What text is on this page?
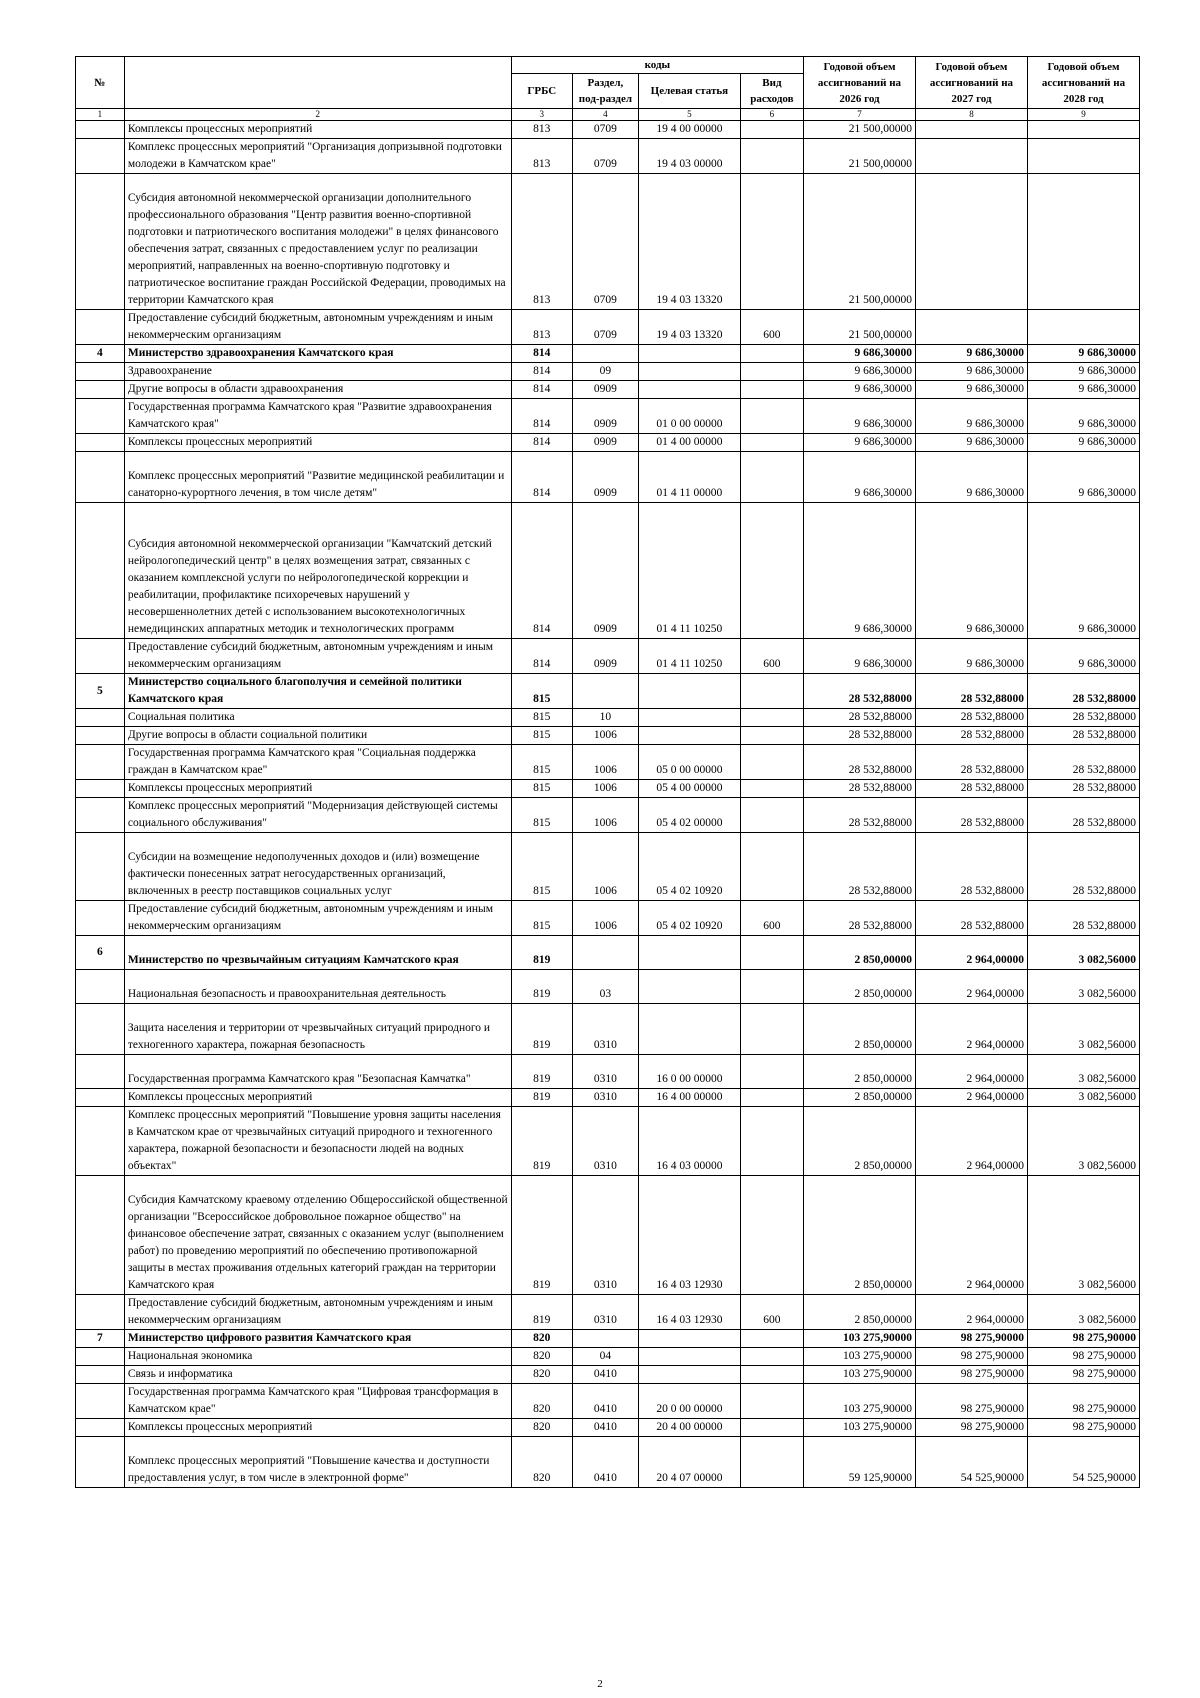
№		коды				Годовой объем ассигнований на 2026 год	Годовой объем ассигнований на 2027 год	Годовой объем ассигнований на 2028 год
		ГРБС	Раздел, под-раздел	Целевая статья	Вид расходов			
1	2	3	4	5	6	7	8	9
	Комплексы процессных мероприятий	813	0709	19 4 00 00000		21 500,00000		
	Комплекс процессных мероприятий "Организация допризывной подготовки молодежи в Камчатском крае"	813	0709	19 4 03 00000		21 500,00000		
	Субсидия автономной некоммерческой организации дополнительного профессионального образования "Центр развития военно-спортивной подготовки и патриотического воспитания молодежи" в целях финансового обеспечения затрат, связанных с предоставлением услуг по реализации мероприятий, направленных на военно-спортивную подготовку и патриотическое воспитание граждан Российской Федерации, проводимых на территории Камчатского края	813	0709	19 4 03 13320		21 500,00000		
	Предоставление субсидий бюджетным, автономным учреждениям и иным некоммерческим организациям	813	0709	19 4 03 13320	600	21 500,00000		
4	Министерство здравоохранения Камчатского края	814				9 686,30000	9 686,30000	9 686,30000
	Здравоохранение	814	09			9 686,30000	9 686,30000	9 686,30000
	Другие вопросы в области здравоохранения	814	0909			9 686,30000	9 686,30000	9 686,30000
	Государственная программа Камчатского края "Развитие здравоохранения Камчатского края"	814	0909	01 0 00 00000		9 686,30000	9 686,30000	9 686,30000
	Комплексы процессных мероприятий	814	0909	01 4 00 00000		9 686,30000	9 686,30000	9 686,30000
	Комплекс процессных мероприятий "Развитие медицинской реабилитации и санаторно-курортного лечения, в том числе детям"	814	0909	01 4 11 00000		9 686,30000	9 686,30000	9 686,30000
	Субсидия автономной некоммерческой организации "Камчатский детский нейрологопедический центр" в целях возмещения затрат, связанных с оказанием комплексной услуги по нейрологопедической коррекции и реабилитации, профилактике психоречевых нарушений у несовершеннолетних детей с использованием высокотехнологичных немедицинских аппаратных методик и технологических программ	814	0909	01 4 11 10250		9 686,30000	9 686,30000	9 686,30000
	Предоставление субсидий бюджетным, автономным учреждениям и иным некоммерческим организациям	814	0909	01 4 11 10250	600	9 686,30000	9 686,30000	9 686,30000
5	Министерство социального благополучия и семейной политики Камчатского края	815				28 532,88000	28 532,88000	28 532,88000
	Социальная политика	815	10			28 532,88000	28 532,88000	28 532,88000
	Другие вопросы в области социальной политики	815	1006			28 532,88000	28 532,88000	28 532,88000
	Государственная программа Камчатского края "Социальная поддержка граждан в Камчатском крае"	815	1006	05 0 00 00000		28 532,88000	28 532,88000	28 532,88000
	Комплексы процессных мероприятий	815	1006	05 4 00 00000		28 532,88000	28 532,88000	28 532,88000
	Комплекс процессных мероприятий "Модернизация действующей системы социального обслуживания"	815	1006	05 4 02 00000		28 532,88000	28 532,88000	28 532,88000
	Субсидии на возмещение недополученных доходов и (или) возмещение фактически понесенных затрат негосударственных организаций, включенных в реестр поставщиков социальных услуг	815	1006	05 4 02 10920		28 532,88000	28 532,88000	28 532,88000
	Предоставление субсидий бюджетным, автономным учреждениям и иным некоммерческим организациям	815	1006	05 4 02 10920	600	28 532,88000	28 532,88000	28 532,88000
6	Министерство по чрезвычайным ситуациям Камчатского края	819				2 850,00000	2 964,00000	3 082,56000
	Национальная безопасность и правоохранительная деятельность	819	03			2 850,00000	2 964,00000	3 082,56000
	Защита населения и территории от чрезвычайных ситуаций природного и техногенного характера, пожарная безопасность	819	0310			2 850,00000	2 964,00000	3 082,56000
	Государственная программа Камчатского края "Безопасная Камчатка"	819	0310	16 0 00 00000		2 850,00000	2 964,00000	3 082,56000
	Комплексы процессных мероприятий	819	0310	16 4 00 00000		2 850,00000	2 964,00000	3 082,56000
	Комплекс процессных мероприятий "Повышение уровня защиты населения в Камчатском крае от чрезвычайных ситуаций природного и техногенного характера, пожарной безопасности и безопасности людей на водных объектах"	819	0310	16 4 03 00000		2 850,00000	2 964,00000	3 082,56000
	Субсидия Камчатскому краевому отделению Общероссийской общественной организации "Всероссийское добровольное пожарное общество" на финансовое обеспечение затрат, связанных с оказанием услуг (выполнением работ) по проведению мероприятий по обеспечению противопожарной защиты в местах проживания отдельных категорий граждан на территории Камчатского края	819	0310	16 4 03 12930		2 850,00000	2 964,00000	3 082,56000
	Предоставление субсидий бюджетным, автономным учреждениям и иным некоммерческим организациям	819	0310	16 4 03 12930	600	2 850,00000	2 964,00000	3 082,56000
7	Министерство цифрового развития Камчатского края	820				103 275,90000	98 275,90000	98 275,90000
	Национальная экономика	820	04			103 275,90000	98 275,90000	98 275,90000
	Связь и информатика	820	0410			103 275,90000	98 275,90000	98 275,90000
	Государственная программа Камчатского края "Цифровая трансформация в Камчатском крае"	820	0410	20 0 00 00000		103 275,90000	98 275,90000	98 275,90000
	Комплексы процессных мероприятий	820	0410	20 4 00 00000		103 275,90000	98 275,90000	98 275,90000
	Комплекс процессных мероприятий "Повышение качества и доступности предоставления услуг, в том числе в электронной форме"	820	0410	20 4 07 00000		59 125,90000	54 525,90000	54 525,90000
2
